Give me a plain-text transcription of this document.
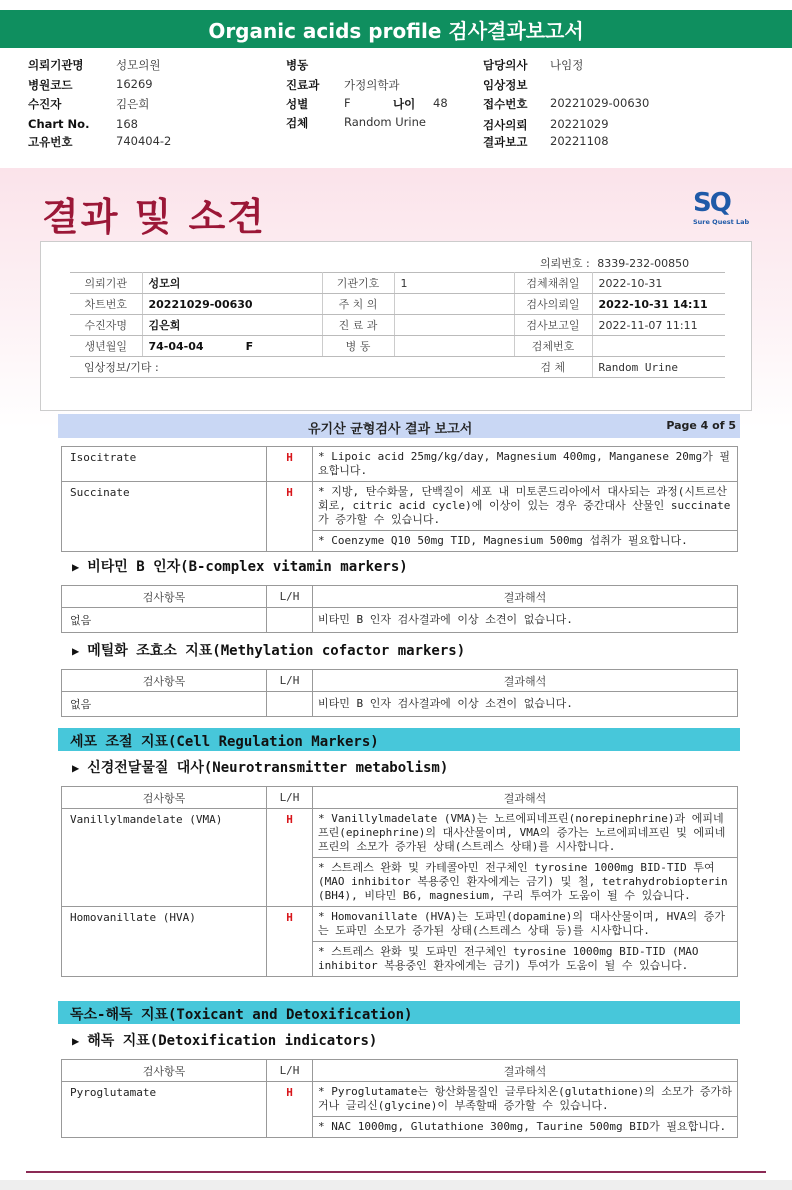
Organic acids profile 검사결과보고서
의뢰기관명	성모의원
병원코드	16269
수진자	김은희
Chart No. 168
고유번호	740404-2
병동
진료과 가정의학과
성별	F	나이 48
검체	Random Urine
담당의사 나임정
임상정보
접수번호 20221029-00630
검사의뢰 20221029
결과보고 20221108
결과 및 소견	SQ
Sure Quest Lab
의뢰번호 : 8339-232-00850
의뢰기관	성모의	기관기호	1	검체채취일	2022-10-31
차트번호	20221029-00630	주 치 의		검사의뢰일	2022-10-31 14:11
수진자명	김은희	진 료 과		검사보고일	2022-11-07 11:11
생년월일	74-04-04 F	병 동		검체번호	
임상정보/기타 :				검 체	Random Urine
유기산 균형검사 결과 보고서	Page 4 of 5
Isocitrate	H	* Lipoic acid 25mg/kg/day, Magnesium 400mg, Manganese 20mg가 필요합니다.
Succinate	H	* 지방, 탄수화물, 단백질이 세포 내 미토콘드리아에서 대사되는 과정(시트르산 회로, citric acid cycle)에 이상이 있는 경우 중간대사 산물인 succinate가 증가할 수 있습니다.
		* Coenzyme Q10 50mg TID, Magnesium 500mg 섭취가 필요합니다.
▶ 비타민 B 인자(B-complex vitamin markers)
검사항목	L/H	결과해석
없음		비타민 B 인자 검사결과에 이상 소견이 없습니다.
▶ 메틸화 조효소 지표(Methylation cofactor markers)
검사항목	L/H	결과해석
없음		비타민 B 인자 검사결과에 이상 소견이 없습니다.
세포 조절 지표(Cell Regulation Markers)
▶ 신경전달물질 대사(Neurotransmitter metabolism)
검사항목	L/H	결과해석
Vanillylmandelate (VMA)	H	* Vanillylmadelate (VMA)는 노르에피네프린(norepinephrine)과 에피네프린(epinephrine)의 대사산물이며, VMA의 증가는 노르에피네프린 및 에피네프린의 소모가 증가된 상태(스트레스 상태)를 시사합니다.
		* 스트레스 완화 및 카테콜아민 전구체인 tyrosine 1000mg BID-TID 투여(MAO inhibitor 복용중인 환자에게는 금기) 및 철, tetrahydrobiopterin (BH4), 비타민 B6, magnesium, 구리 투여가 도움이 될 수 있습니다.
Homovanillate (HVA)	H	* Homovanillate (HVA)는 도파민(dopamine)의 대사산물이며, HVA의 증가는 도파민 소모가 증가된 상태(스트레스 상태 등)를 시사합니다.
		* 스트레스 완화 및 도파민 전구체인 tyrosine 1000mg BID-TID (MAO inhibitor 복용중인 환자에게는 금기) 투여가 도움이 될 수 있습니다.
독소-해독 지표(Toxicant and Detoxification)
▶ 해독 지표(Detoxification indicators)
검사항목	L/H	결과해석
Pyroglutamate	H	* Pyroglutamate는 항산화물질인 글루타치온(glutathione)의 소모가 증가하거나 글리신(glycine)이 부족할때 증가할 수 있습니다.
		* NAC 1000mg, Glutathione 300mg, Taurine 500mg BID가 필요합니다.
